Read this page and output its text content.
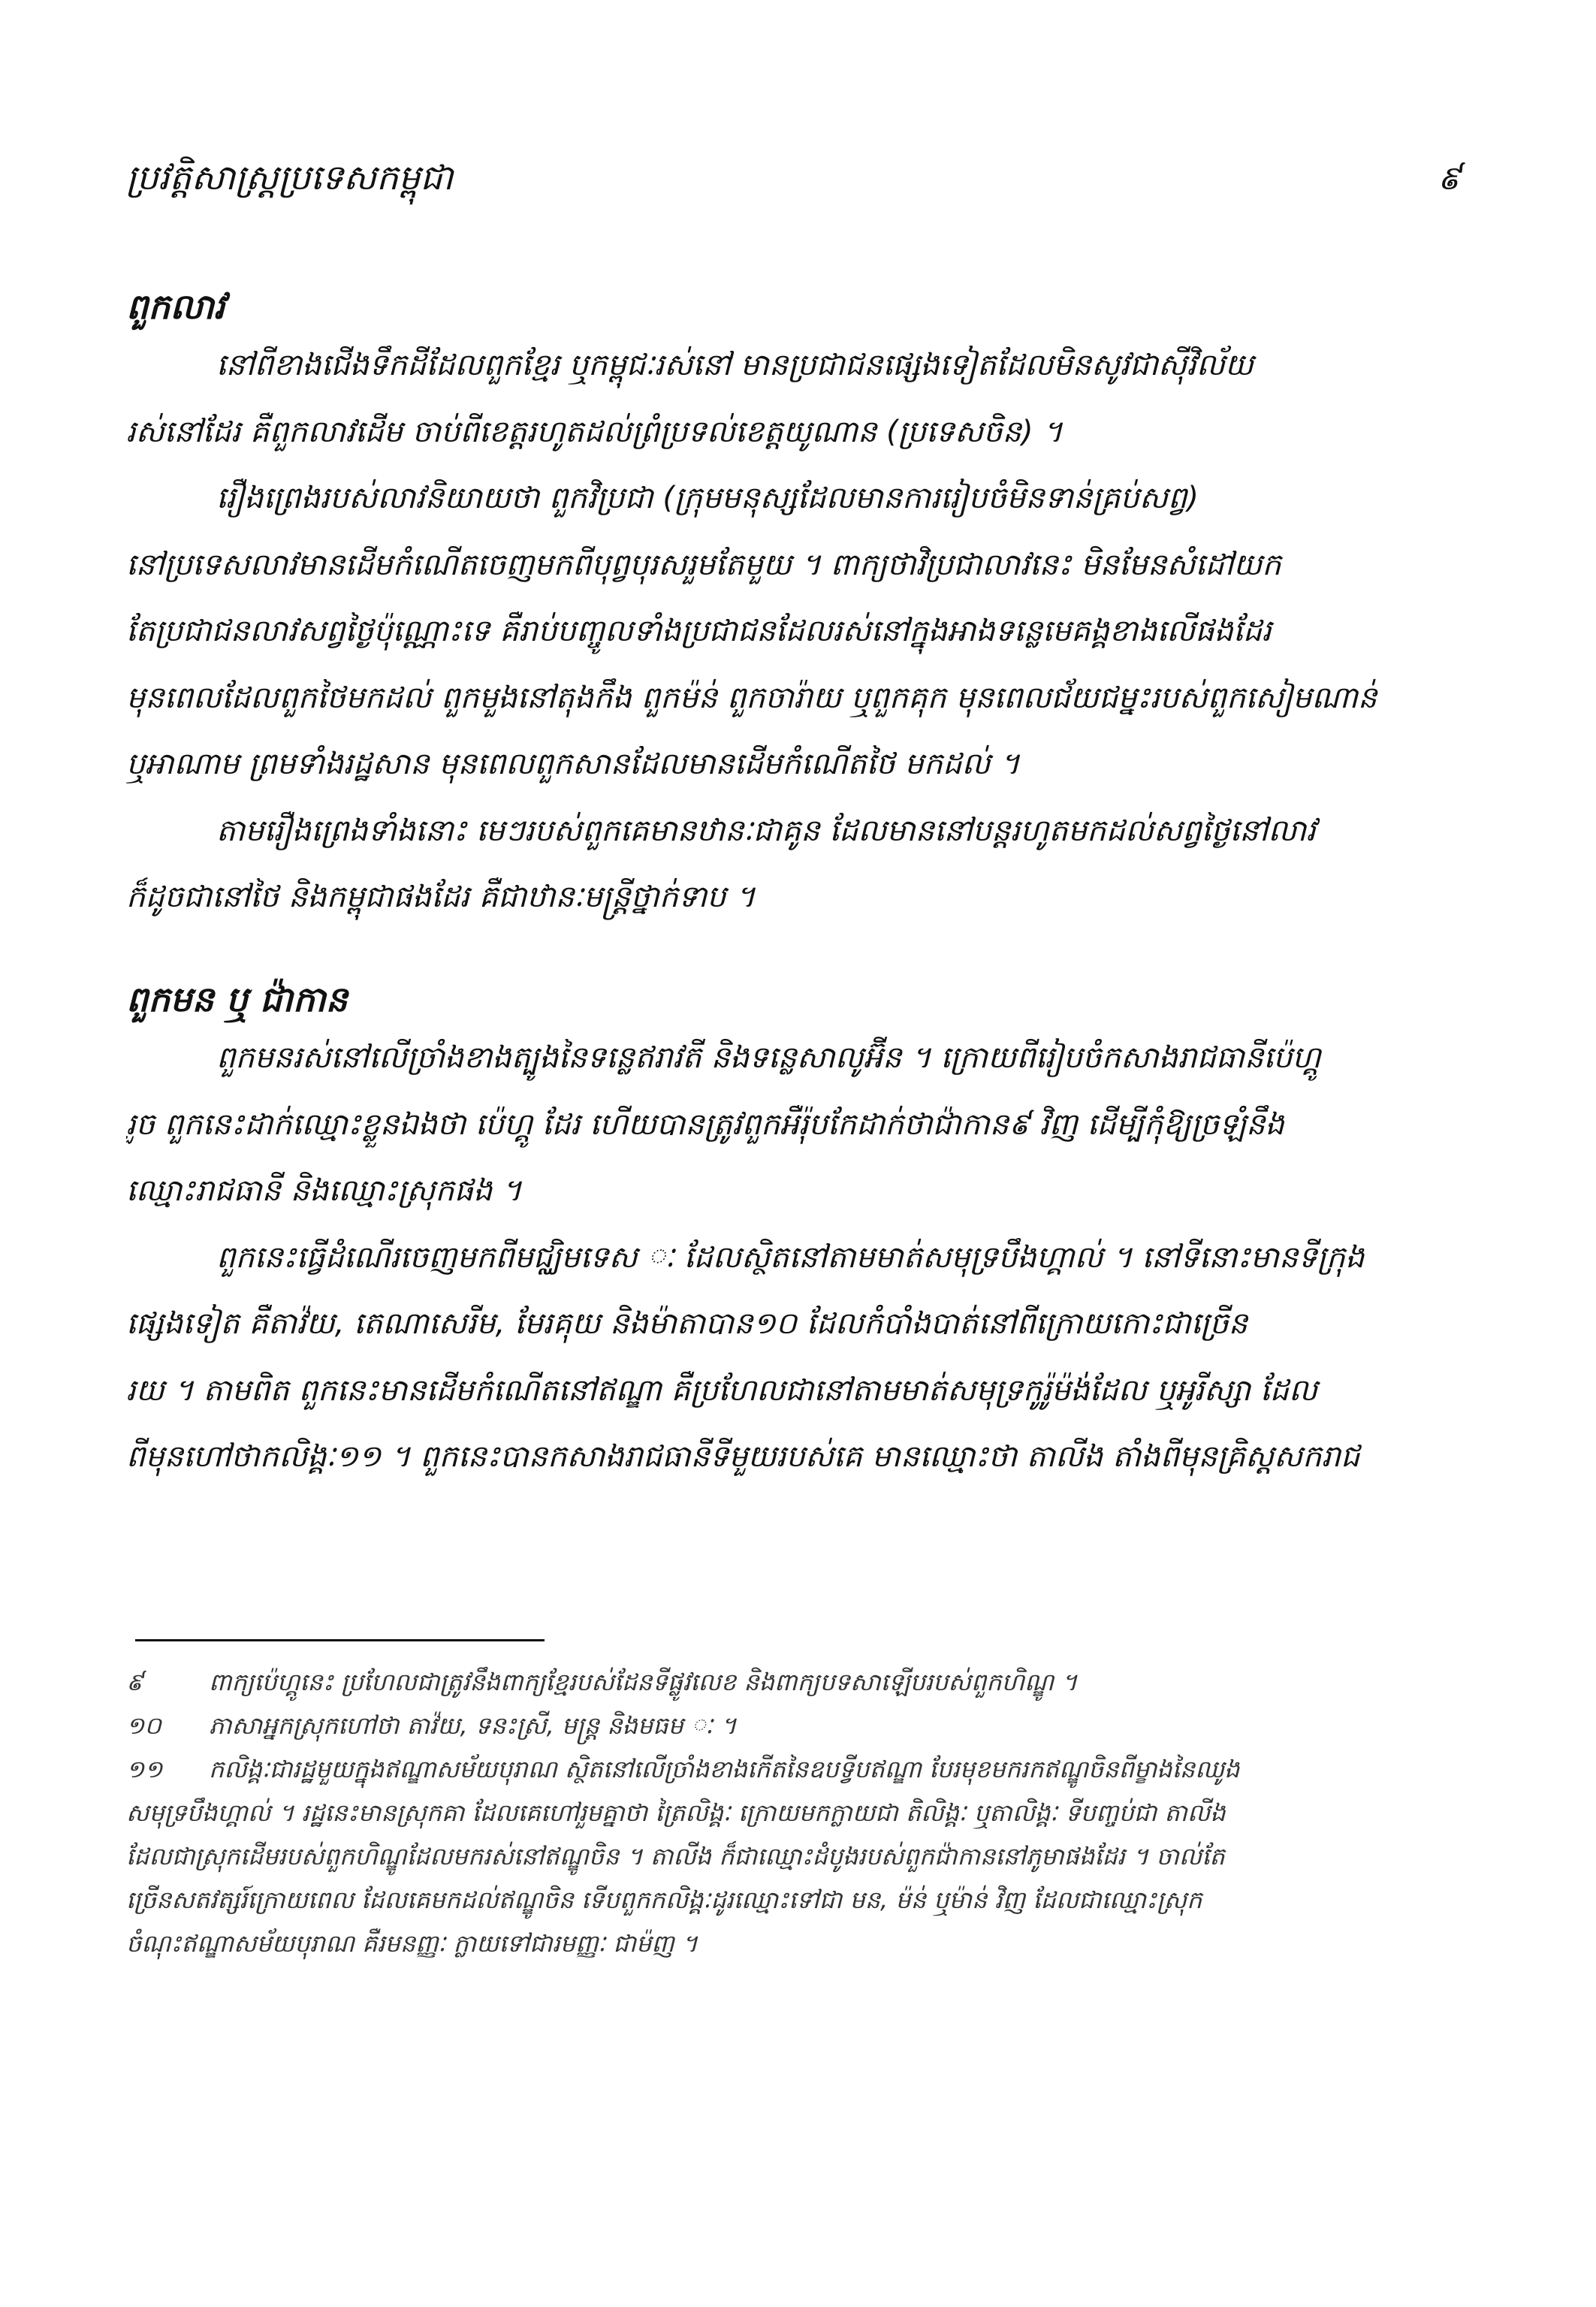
ប្រវត្តិសាស្ត្រប្រទេសកម្ពុជា	៩
ពួកលាវ
នៅពីខាងជើងទឹកដីដែលពួកខ្មែរ ឬកម្ពុជៈរស់នៅ មានប្រជាជនផ្សេងទៀតដែលមិនសូវជាស៊ីវិល័យ
រស់នៅដែរ គឺពួកលាវដើម ចាប់ពីខេត្តរហូតដល់ព្រំប្រទល់ខេត្តយូណាន (ប្រទេសចិន) ។
រឿងព្រេងរបស់លាវនិយាយថា ពួកវិប្រជា (ក្រុមមនុស្សដែលមានការរៀបចំមិនទាន់គ្រប់សព្វ)
នៅប្រទេសលាវមានដើមកំណើតចេញមកពីបុព្វបុរសរួមតែមួយ ។ ពាក្យថាវិប្រជាលាវនេះ មិនមែនសំដៅយក
តែប្រជាជនលាវសព្វថ្ងៃប៉ុណ្ណោះទេ គឺរាប់បញ្ចូលទាំងប្រជាជនដែលរស់នៅក្នុងអាងទន្លេមេគង្គខាងលើផងដែរ
មុនពេលដែលពួកថៃមកដល់ ពួកមួងនៅតុងកឹង ពួកម៉ន់ ពួកចារ៉ាយ ឬពួកគុក មុនពេលជ័យជម្នះរបស់ពួកសៀមណាន់
ឬអាណាម ព្រមទាំងរដ្ឋសាន មុនពេលពួកសានដែលមានដើមកំណើតថៃ មកដល់ ។
តាមរឿងព្រេងទាំងនោះ មេៗរបស់ពួកគេមានឋានៈជាគូន ដែលមាននៅបន្តរហូតមកដល់សព្វថ្ងៃនៅលាវ
ក៏ដូចជានៅថៃ និងកម្ពុជាផងដែរ គឺជាឋានៈមន្ត្រីថ្នាក់ទាប ។
ពួកមន ឬ ជ៉ាកាន
ពួកមនរស់នៅលើច្រាំងខាងត្បូងនៃទន្លេឥរាវតី និងទន្លេសាលូអ៊ីន ។ ក្រោយពីរៀបចំកសាងរាជធានីប៉េហ្គូ
រួច ពួកនេះដាក់ឈ្មោះខ្លួនឯងថា ប៉េហ្គូ ដែរ ហើយបានត្រូវពួកអឺរ៉ុបកែដាក់ថាជ៉ាកាន៩ វិញ ដើម្បីកុំឱ្យច្រឡំនឹង
ឈ្មោះរាជធានី និងឈ្មោះស្រុកផង ។
ពួកនេះធ្វើដំណើរចេញមកពីមជ្ឈិមទេស ៈ ដែលស្ថិតនៅតាមមាត់សមុទ្របឹងហ្គាល់ ។ នៅទីនោះមានទីក្រុង
ផ្សេងទៀត គឺតាវ៉យ, តេណាសេរីម, មែរគុយ និងម៉ាតាបាន១០ ដែលកំបាំងបាត់នៅពីក្រោយកោះជាច្រើន
រយ ។ តាមពិត ពួកនេះមានដើមកំណើតនៅឥណ្ឌា គឺប្រហែលជានៅតាមមាត់សមុទ្រកូរ៉ូម៉ង់ដែល ឬអូរីស្សា ដែល
ពីមុនហៅថាកលិង្គៈ១១ ។ ពួកនេះបានកសាងរាជធានីទីមួយរបស់គេ មានឈ្មោះថា តាលីង តាំងពីមុនគ្រិស្តសករាជ
៩	ពាក្យប៉េហ្គូនេះ ប្រហែលជាត្រូវនឹងពាក្យខ្មែរបស់ដែនទីផ្លូវលេខ និងពាក្យបទសាឡើបរបស់ពួកហិណ្ឌូ ។
១០ ភាសាអ្នកស្រុកហៅថា តាវ៉យ, ទនះស្រី, មន្ត្រ និងមធម ៈ ។
១១ កលិង្គៈជារដ្ឋមួយក្នុងឥណ្ឌាសម័យបុរាណ ស្ថិតនៅលើច្រាំងខាងកើតនៃឧបទ្វីបឥណ្ឌា បែរមុខមករកឥណ្ឌូចិនពីម្ខាងនៃឈូង
សមុទ្របឹងហ្គាល់ ។ រដ្ឋនេះមានស្រុកគា ដែលគេហៅរួមគ្នាថា ត្រៃលិង្គៈ ក្រោយមកក្លាយជា តិលិង្គៈ ឬតាលិង្គៈ ទីបញ្ចប់ជា តាលីង
ដែលជាស្រុកដើមរបស់ពួកហិណ្ឌូដែលមករស់នៅឥណ្ឌូចិន ។ តាលីង ក៏ជាឈ្មោះដំបូងរបស់ពួកជ៉ាកាននៅភូមាផងដែរ ។ ចាល់តែ
ច្រើនសតវត្សរ៍ក្រោយពេល ដែលគេមកដល់ឥណ្ឌូចិន ទើបពួកកលិង្គៈដូរឈ្មោះទៅជា មន, ម៉ន់ ឬម៉ាន់ វិញ ដែលជាឈ្មោះស្រុក
ចំណុះឥណ្ឌាសម័យបុរាណ គឺរមនញ្ញៈ ក្លាយទៅជារមញ្ញៈ ជាម៉ញ ។
